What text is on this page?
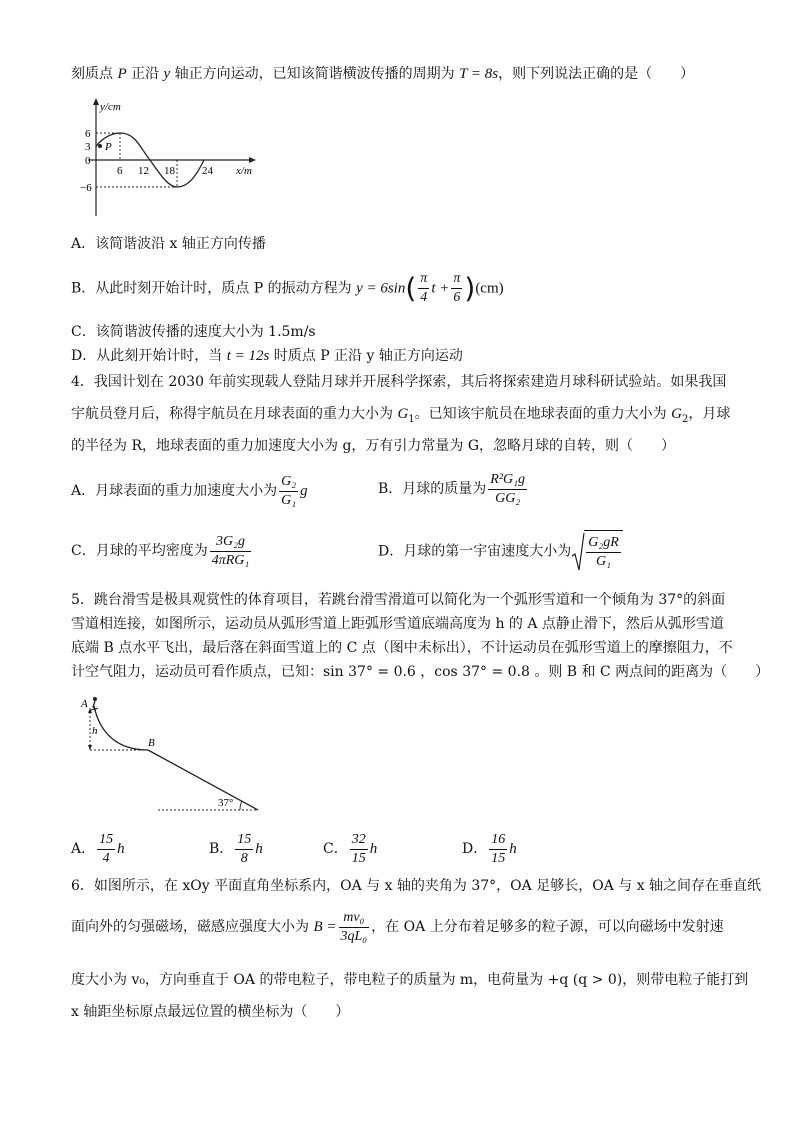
刻质点 P 正沿 y 轴正方向运动，已知该简谐横波传播的周期为 T = 8s，则下列说法正确的是（　　）
P
y/cm
x/m
6
3
0
−6
6 12 18 24
A．该简谐波沿 x 轴正方向传播
B．从此时刻开始计时，质点 P 的振动方程为 $y = 6\sin( \frac{\pi}{4}$ $t + \frac{\pi}{6} )(cm)$
C．该简谐波传播的速度大小为 1.5m/s
D．从此刻开始计时，当 t = 12s 时质点 P 正沿 y 轴正方向运动
4．我国计划在 2030 年前实现载人登陆月球并开展科学探索，其后将探索建造月球科研试验站。如果我国
宇航员登月后，称得宇航员在月球表面的重力大小为 $G_1$。已知该宇航员在地球表面的重力大小为 $G_2$，月球
的半径为 R，地球表面的重力加速度大小为 g，万有引力常量为 G，忽略月球的自转，则（　　）
A．月球表面的重力加速度大小为 $\frac{\text{G₂}}{\text{G₁}}$ g	B．月球的质量为 $\frac{\text{R²G₁g}}{\text{GG₂}}$
C．月球的平均密度为 $\frac{\text{3G₂g}}{\text{4πRG₁}}$	D．月球的第一宇宙速度大小为 $\frac{\text{G₂gR}}{\text{G₁}}$
5．跳台滑雪是极具观赏性的体育项目，若跳台滑雪滑道可以简化为一个弧形雪道和一个倾角为 37°的斜面
雪道相连接，如图所示，运动员从弧形雪道上距弧形雪道底端高度为 h 的 A 点静止滑下，然后从弧形雪道
底端 B 点水平飞出，最后落在斜面雪道上的 C 点（图中未标出），不计运动员在弧形雪道上的摩擦阻力，不
计空气阻力，运动员可看作质点，已知：sin 37° = 0.6 ，cos 37° = 0.8 。则 B 和 C 两点间的距离为（　　）
A
h
B
37°
A． $\frac{15}{4}$ h	B． $\frac{15}{8}$ h	C． $\frac{32}{15}$ h	D． $\frac{16}{15}$ h
6．如图所示，在 xOy 平面直角坐标系内，OA 与 x 轴的夹角为 37°，OA 足够长，OA 与 x 轴之间存在垂直纸
面向外的匀强磁场，磁感应强度大小为 $B = \frac{\text{mv₀}}{\text{3qL₀}}$ ，在 OA 上分布着足够多的粒子源，可以向磁场中发射速
度大小为 v₀，方向垂直于 OA 的带电粒子，带电粒子的质量为 m，电荷量为 +q (q > 0)，则带电粒子能打到
x 轴距坐标原点最远位置的横坐标为（　　）
